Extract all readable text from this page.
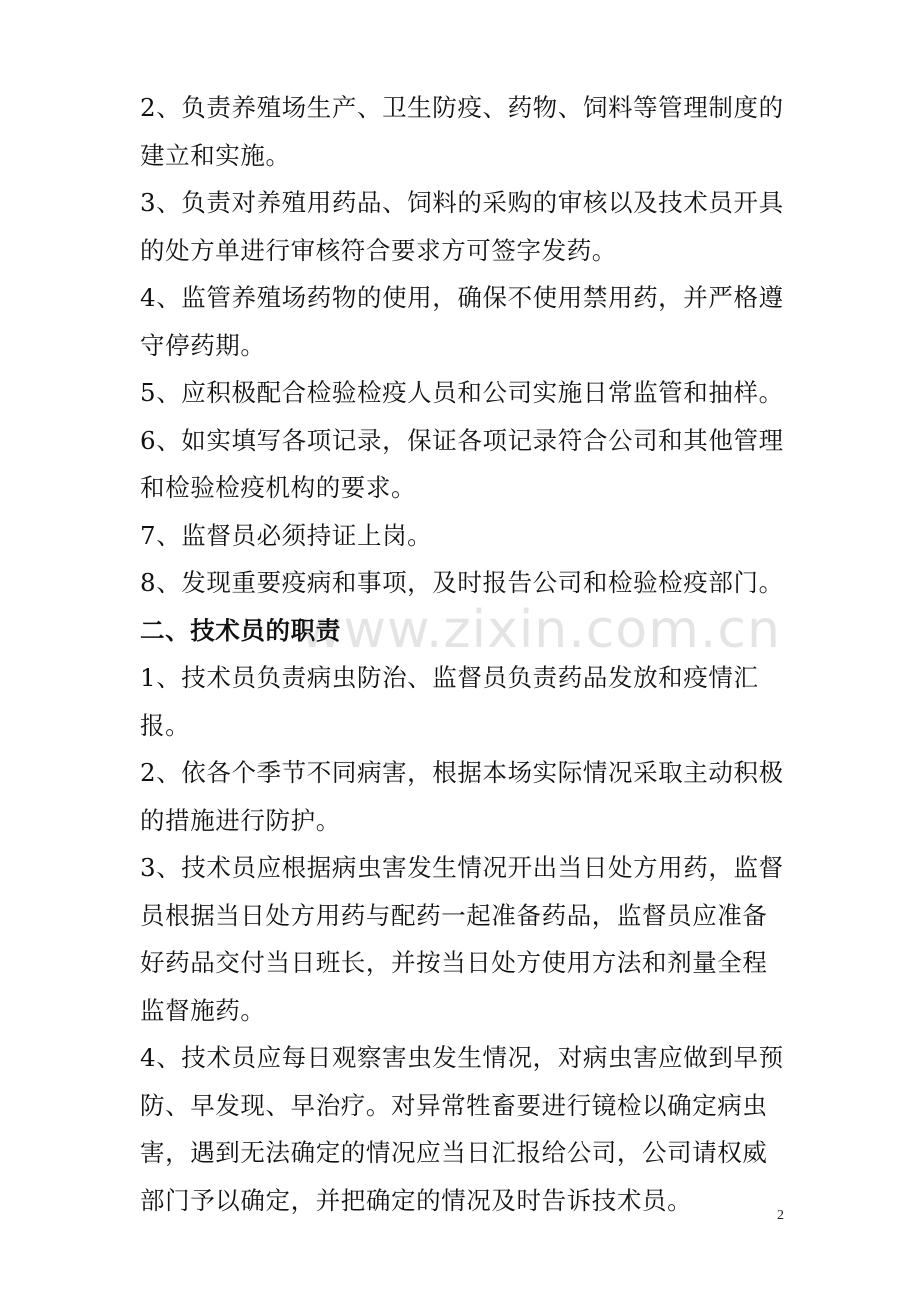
2、负责养殖场生产、卫生防疫、药物、饲料等管理制度的建立和实施。

3、负责对养殖用药品、饲料的采购的审核以及技术员开具的处方单进行审核符合要求方可签字发药。

4、监管养殖场药物的使用，确保不使用禁用药，并严格遵守停药期。

5、应积极配合检验检疫人员和公司实施日常监管和抽样。

6、如实填写各项记录，保证各项记录符合公司和其他管理和检验检疫机构的要求。

7、监督员必须持证上岗。

8、发现重要疫病和事项，及时报告公司和检验检疫部门。

二、技术员的职责

1、技术员负责病虫防治、监督员负责药品发放和疫情汇报。

2、依各个季节不同病害，根据本场实际情况采取主动积极的措施进行防护。

3、技术员应根据病虫害发生情况开出当日处方用药，监督员根据当日处方用药与配药一起准备药品，监督员应准备好药品交付当日班长，并按当日处方使用方法和剂量全程监督施药。

4、技术员应每日观察害虫发生情况，对病虫害应做到早预防、早发现、早治疗。对异常牲畜要进行镜检以确定病虫害，遇到无法确定的情况应当日汇报给公司，公司请权威部门予以确定，并把确定的情况及时告诉技术员。

www.zixin.com.cn
2
